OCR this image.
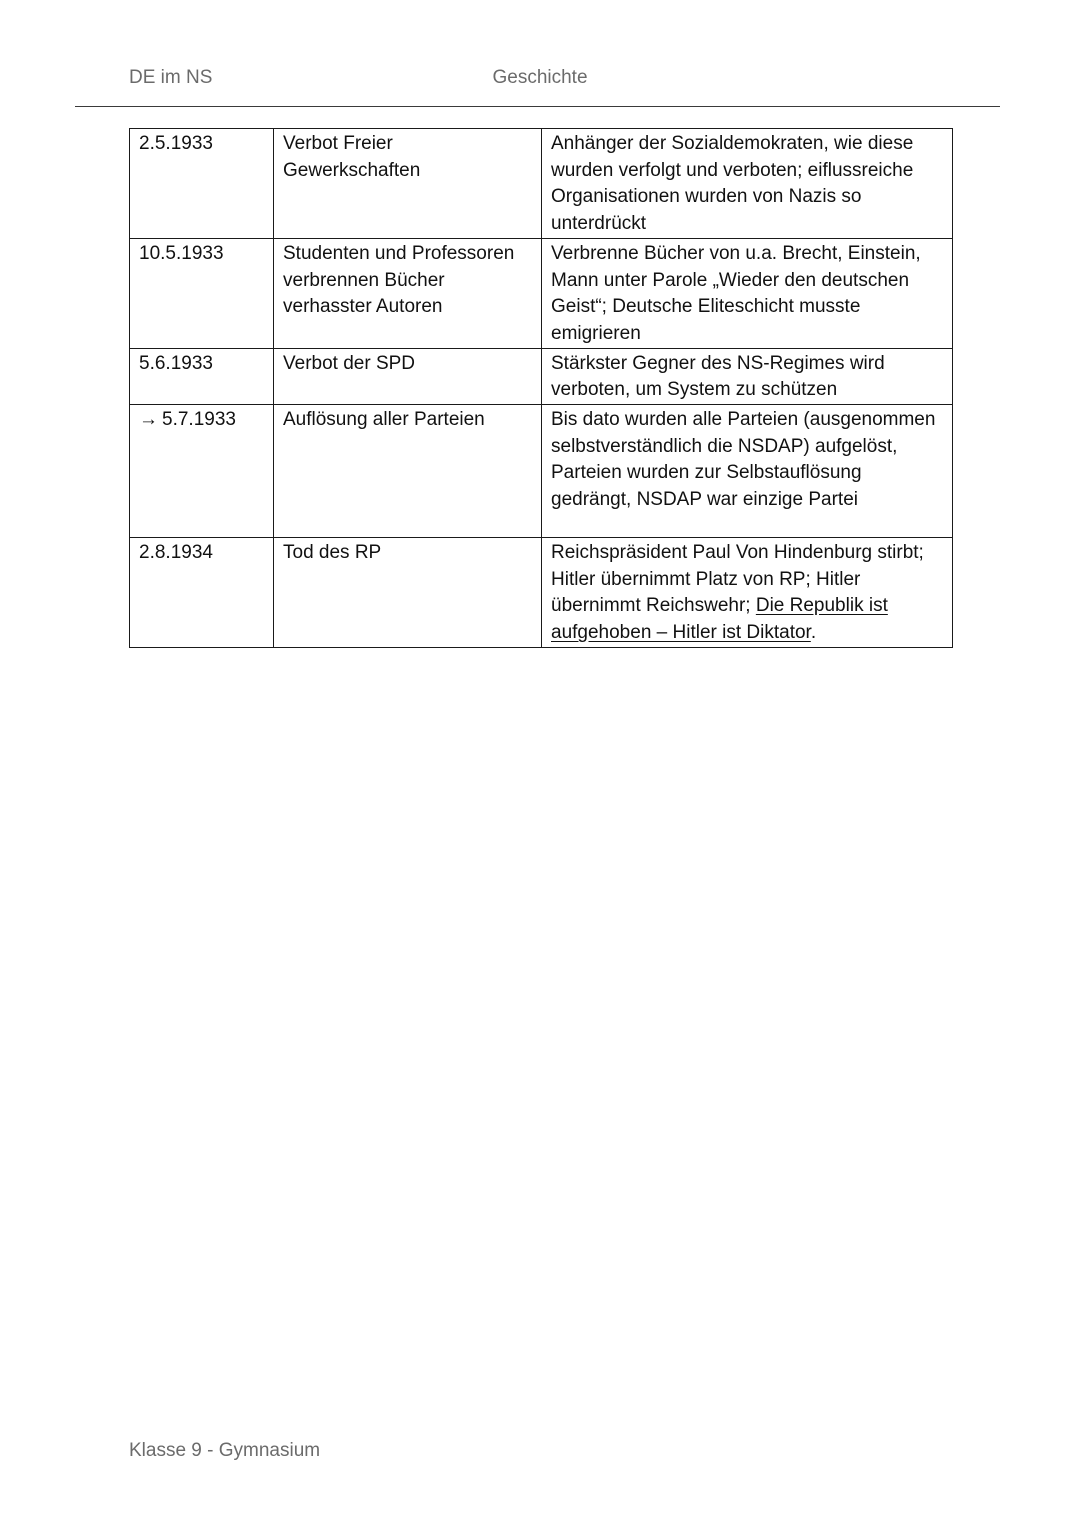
DE im NS	Geschichte
2.5.1933	Verbot Freier Gewerkschaften	Anhänger der Sozialdemokraten, wie diese wurden verfolgt und verboten; eiflussreiche Organisationen wurden von Nazis so unterdrückt
10.5.1933	Studenten und Professoren verbrennen Bücher verhasster Autoren	Verbrenne Bücher von u.a. Brecht, Einstein, Mann unter Parole „Wieder den deutschen Geist“; Deutsche Eliteschicht musste emigrieren
5.6.1933	Verbot der SPD	Stärkster Gegner des NS-Regimes wird verboten, um System zu schützen
→ 5.7.1933	Auflösung aller Parteien	Bis dato wurden alle Parteien (ausgenommen selbstverständlich die NSDAP) aufgelöst, Parteien wurden zur Selbstauflösung gedrängt, NSDAP war einzige Partei
2.8.1934	Tod des RP	Reichspräsident Paul Von Hindenburg stirbt; Hitler übernimmt Platz von RP; Hitler übernimmt Reichswehr; Die Republik ist aufgehoben – Hitler ist Diktator.
Klasse 9 - Gymnasium
